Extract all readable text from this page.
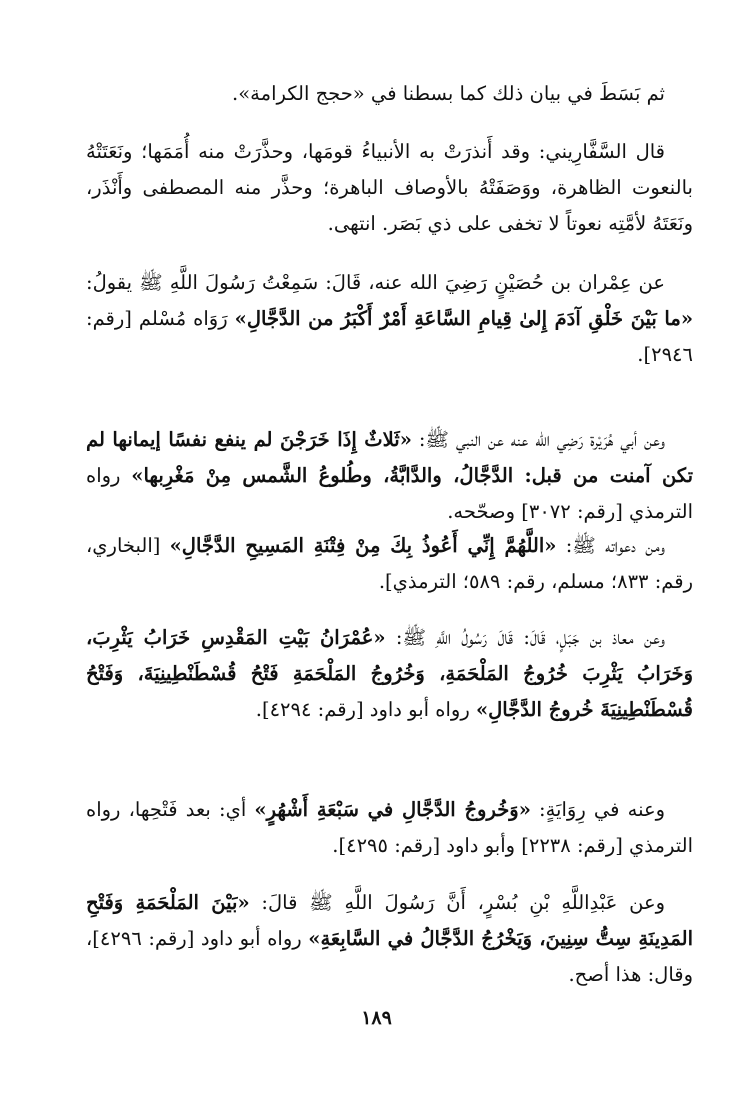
ثم بَسَطَ في بيان ذلك كما بسطنا في «حجج الكرامة».

قال السَّفَّارِيني: وقد أَنذرَتْ به الأنبياءُ قومَها، وحذَّرَتْ منه أُمَمَها؛ ونَعَتَتْهُ بالنعوت الظاهرة، ووَصَفَتْهُ بالأوصاف الباهرة؛ وحذَّر منه المصطفى وأَنْذَر، ونَعَتَهُ لأمَّتِه نعوتاً لا تخفى على ذي بَصَر. انتهى.

عن عِمْران بن حُصَيْنٍ رَضِيَ الله عنه، قَالَ: سَمِعْتُ رَسُولَ اللَّهِ ﷺ يقولُ: «ما بَيْنَ خَلْقِ آدَمَ إِلىٰ قِيامِ السَّاعَةِ أَمْرٌ أَكْبَرُ من الدَّجَّالِ» رَوَاه مُسْلم [رقم: ٢٩٤٦].

وعن أبي هُرَيْرة رَضِي الله عنه عن النبي ﷺ: «ثَلاثٌ إِذَا خَرَجْنَ لم ينفع نفسًا إيمانها لم تكن آمنت من قبل: الدَّجَّالُ، والدَّابَّةُ، وطُلوعُ الشَّمس مِنْ مَغْرِبها» رواه الترمذي [رقم: ٣٠٧٢] وصحّحه.

ومن دعواته ﷺ: «اللَّهُمَّ إِنِّي أَعُوذُ بِكَ مِنْ فِتْنَةِ المَسِيحِ الدَّجَّالِ» [البخاري، رقم: ٨٣٣؛ مسلم، رقم: ٥٨٩؛ الترمذي].

وعن معاذ بن جَبَلٍ، قَالَ: قَالَ رَسُولُ اللَّهِ ﷺ: «عُمْرَانُ بَيْتِ المَقْدِسِ خَرَابُ يَثْرِبَ، وَخَرَابُ يَثْرِبَ خُرُوجُ المَلْحَمَةِ، وَخُرُوجُ المَلْحَمَةِ فَتْحُ قُسْطَنْطِينِيَةَ، وَفَتْحُ قُسْطَنْطِينِيَةَ خُروجُ الدَّجَّالِ» رواه أبو داود [رقم: ٤٢٩٤].

وعنه في رِوَايَةٍ: «وَخُروجُ الدَّجَّالِ في سَبْعَةِ أَشْهُرٍ» أي: بعد فَتْحِها، رواه الترمذي [رقم: ٢٢٣٨] وأبو داود [رقم: ٤٢٩٥].

وعن عَبْدِاللَّهِ بْنِ بُسْرٍ، أَنَّ رَسُولَ اللَّهِ ﷺ قالَ: «بَيْنَ المَلْحَمَةِ وَفَتْحِ المَدِينَةِ سِتُّ سِنِينَ، وَيَخْرُجُ الدَّجَّالُ في السَّابِعَةِ» رواه أبو داود [رقم: ٤٢٩٦]، وقال: هذا أصح.

١٨٩
